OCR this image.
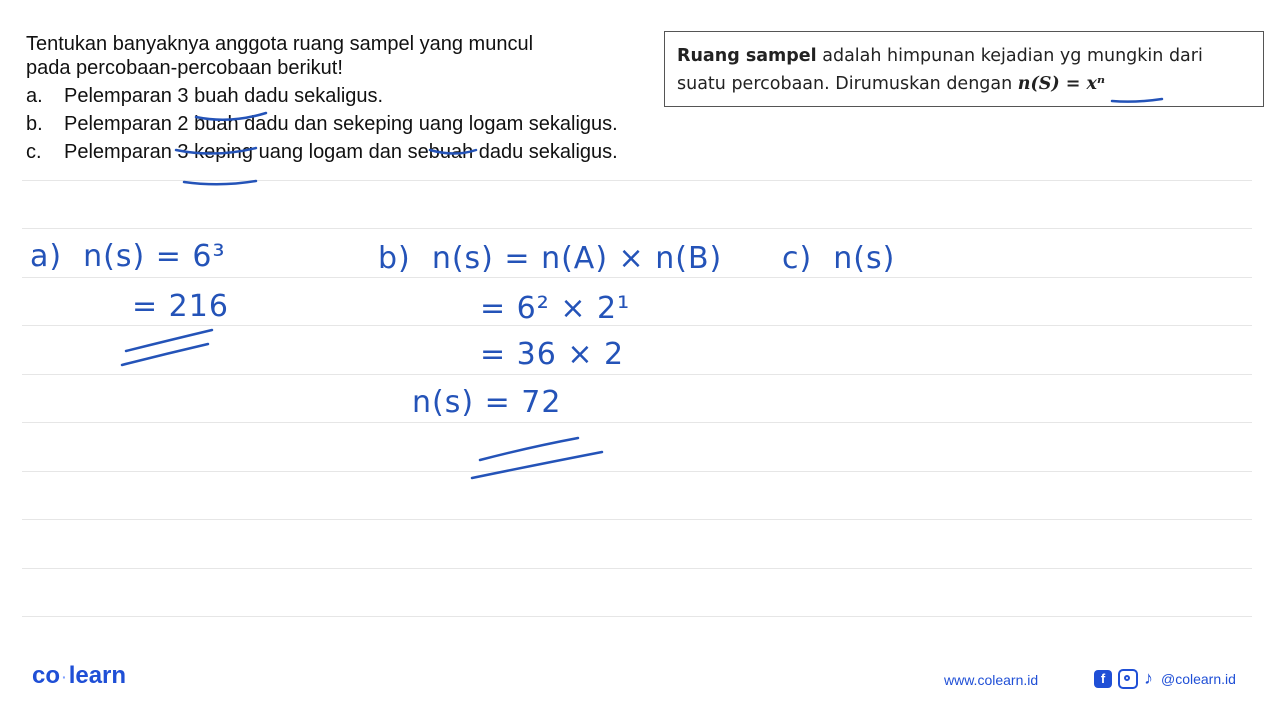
Tentukan banyaknya anggota ruang sampel yang muncul
pada percobaan-percobaan berikut!

a.	Pelemparan 3 buah dadu sekaligus.

b.	Pelemparan 2 buah dadu dan sekeping uang logam sekaligus.

c.	Pelemparan 3 keping uang logam dan sebuah dadu sekaligus.

Ruang sampel adalah himpunan kejadian yg mungkin dari suatu percobaan. Dirumuskan dengan n(S) = xⁿ
a)  n(s) = 6³
= 216
b)  n(s) = n(A) × n(B)
= 6² × 2¹
= 36 × 2
n(s) = 72
c)  n(s)
co ·learn	www.colearn.id	f	♪ @colearn.id
